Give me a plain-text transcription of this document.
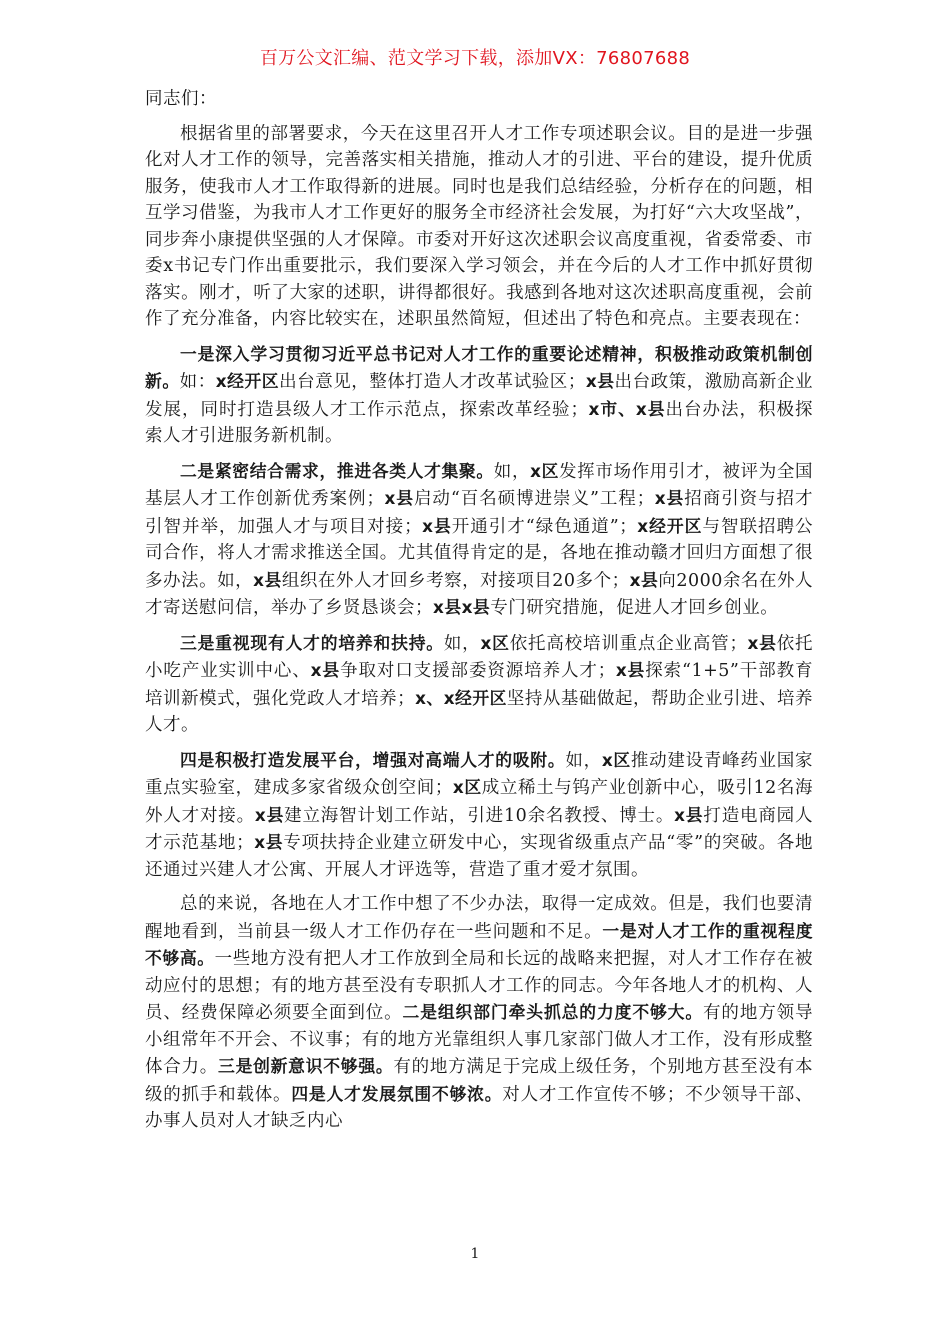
百万公文汇编、范文学习下载，添加VX：76807688

同志们：

根据省里的部署要求，今天在这里召开人才工作专项述职会议。目的是进一步强化对人才工作的领导，完善落实相关措施，推动人才的引进、平台的建设，提升优质服务，使我市人才工作取得新的进展。同时也是我们总结经验，分析存在的问题，相互学习借鉴，为我市人才工作更好的服务全市经济社会发展，为打好“六大攻坚战”，同步奔小康提供坚强的人才保障。市委对开好这次述职会议高度重视，省委常委、市委x书记专门作出重要批示，我们要深入学习领会，并在今后的人才工作中抓好贯彻落实。刚才，听了大家的述职，讲得都很好。我感到各地对这次述职高度重视，会前作了充分准备，内容比较实在，述职虽然简短，但述出了特色和亮点。主要表现在：

一是深入学习贯彻习近平总书记对人才工作的重要论述精神，积极推动政策机制创新。如：x经开区出台意见，整体打造人才改革试验区；x县出台政策，激励高新企业发展，同时打造县级人才工作示范点，探索改革经验；x市、x县出台办法，积极探索人才引进服务新机制。

二是紧密结合需求，推进各类人才集聚。如，x区发挥市场作用引才，被评为全国基层人才工作创新优秀案例；x县启动“百名硕博进崇义”工程；x县招商引资与招才引智并举，加强人才与项目对接；x县开通引才“绿色通道”；x经开区与智联招聘公司合作，将人才需求推送全国。尤其值得肯定的是，各地在推动赣才回归方面想了很多办法。如，x县组织在外人才回乡考察，对接项目20多个；x县向2000余名在外人才寄送慰问信，举办了乡贤恳谈会；x县x县专门研究措施，促进人才回乡创业。

三是重视现有人才的培养和扶持。如，x区依托高校培训重点企业高管；x县依托小吃产业实训中心、x县争取对口支援部委资源培养人才；x县探索“1+5”干部教育培训新模式，强化党政人才培养；x、x经开区坚持从基础做起，帮助企业引进、培养人才。

四是积极打造发展平台，增强对高端人才的吸附。如，x区推动建设青峰药业国家重点实验室，建成多家省级众创空间；x区成立稀土与钨产业创新中心，吸引12名海外人才对接。x县建立海智计划工作站，引进10余名教授、博士。x县打造电商园人才示范基地；x县专项扶持企业建立研发中心，实现省级重点产品“零”的突破。各地还通过兴建人才公寓、开展人才评选等，营造了重才爱才氛围。

总的来说，各地在人才工作中想了不少办法，取得一定成效。但是，我们也要清醒地看到，当前县一级人才工作仍存在一些问题和不足。一是对人才工作的重视程度不够高。一些地方没有把人才工作放到全局和长远的战略来把握，对人才工作存在被动应付的思想；有的地方甚至没有专职抓人才工作的同志。今年各地人才的机构、人员、经费保障必须要全面到位。二是组织部门牵头抓总的力度不够大。有的地方领导小组常年不开会、不议事；有的地方光靠组织人事几家部门做人才工作，没有形成整体合力。三是创新意识不够强。有的地方满足于完成上级任务，个别地方甚至没有本级的抓手和载体。四是人才发展氛围不够浓。对人才工作宣传不够；不少领导干部、办事人员对人才缺乏内心

1
